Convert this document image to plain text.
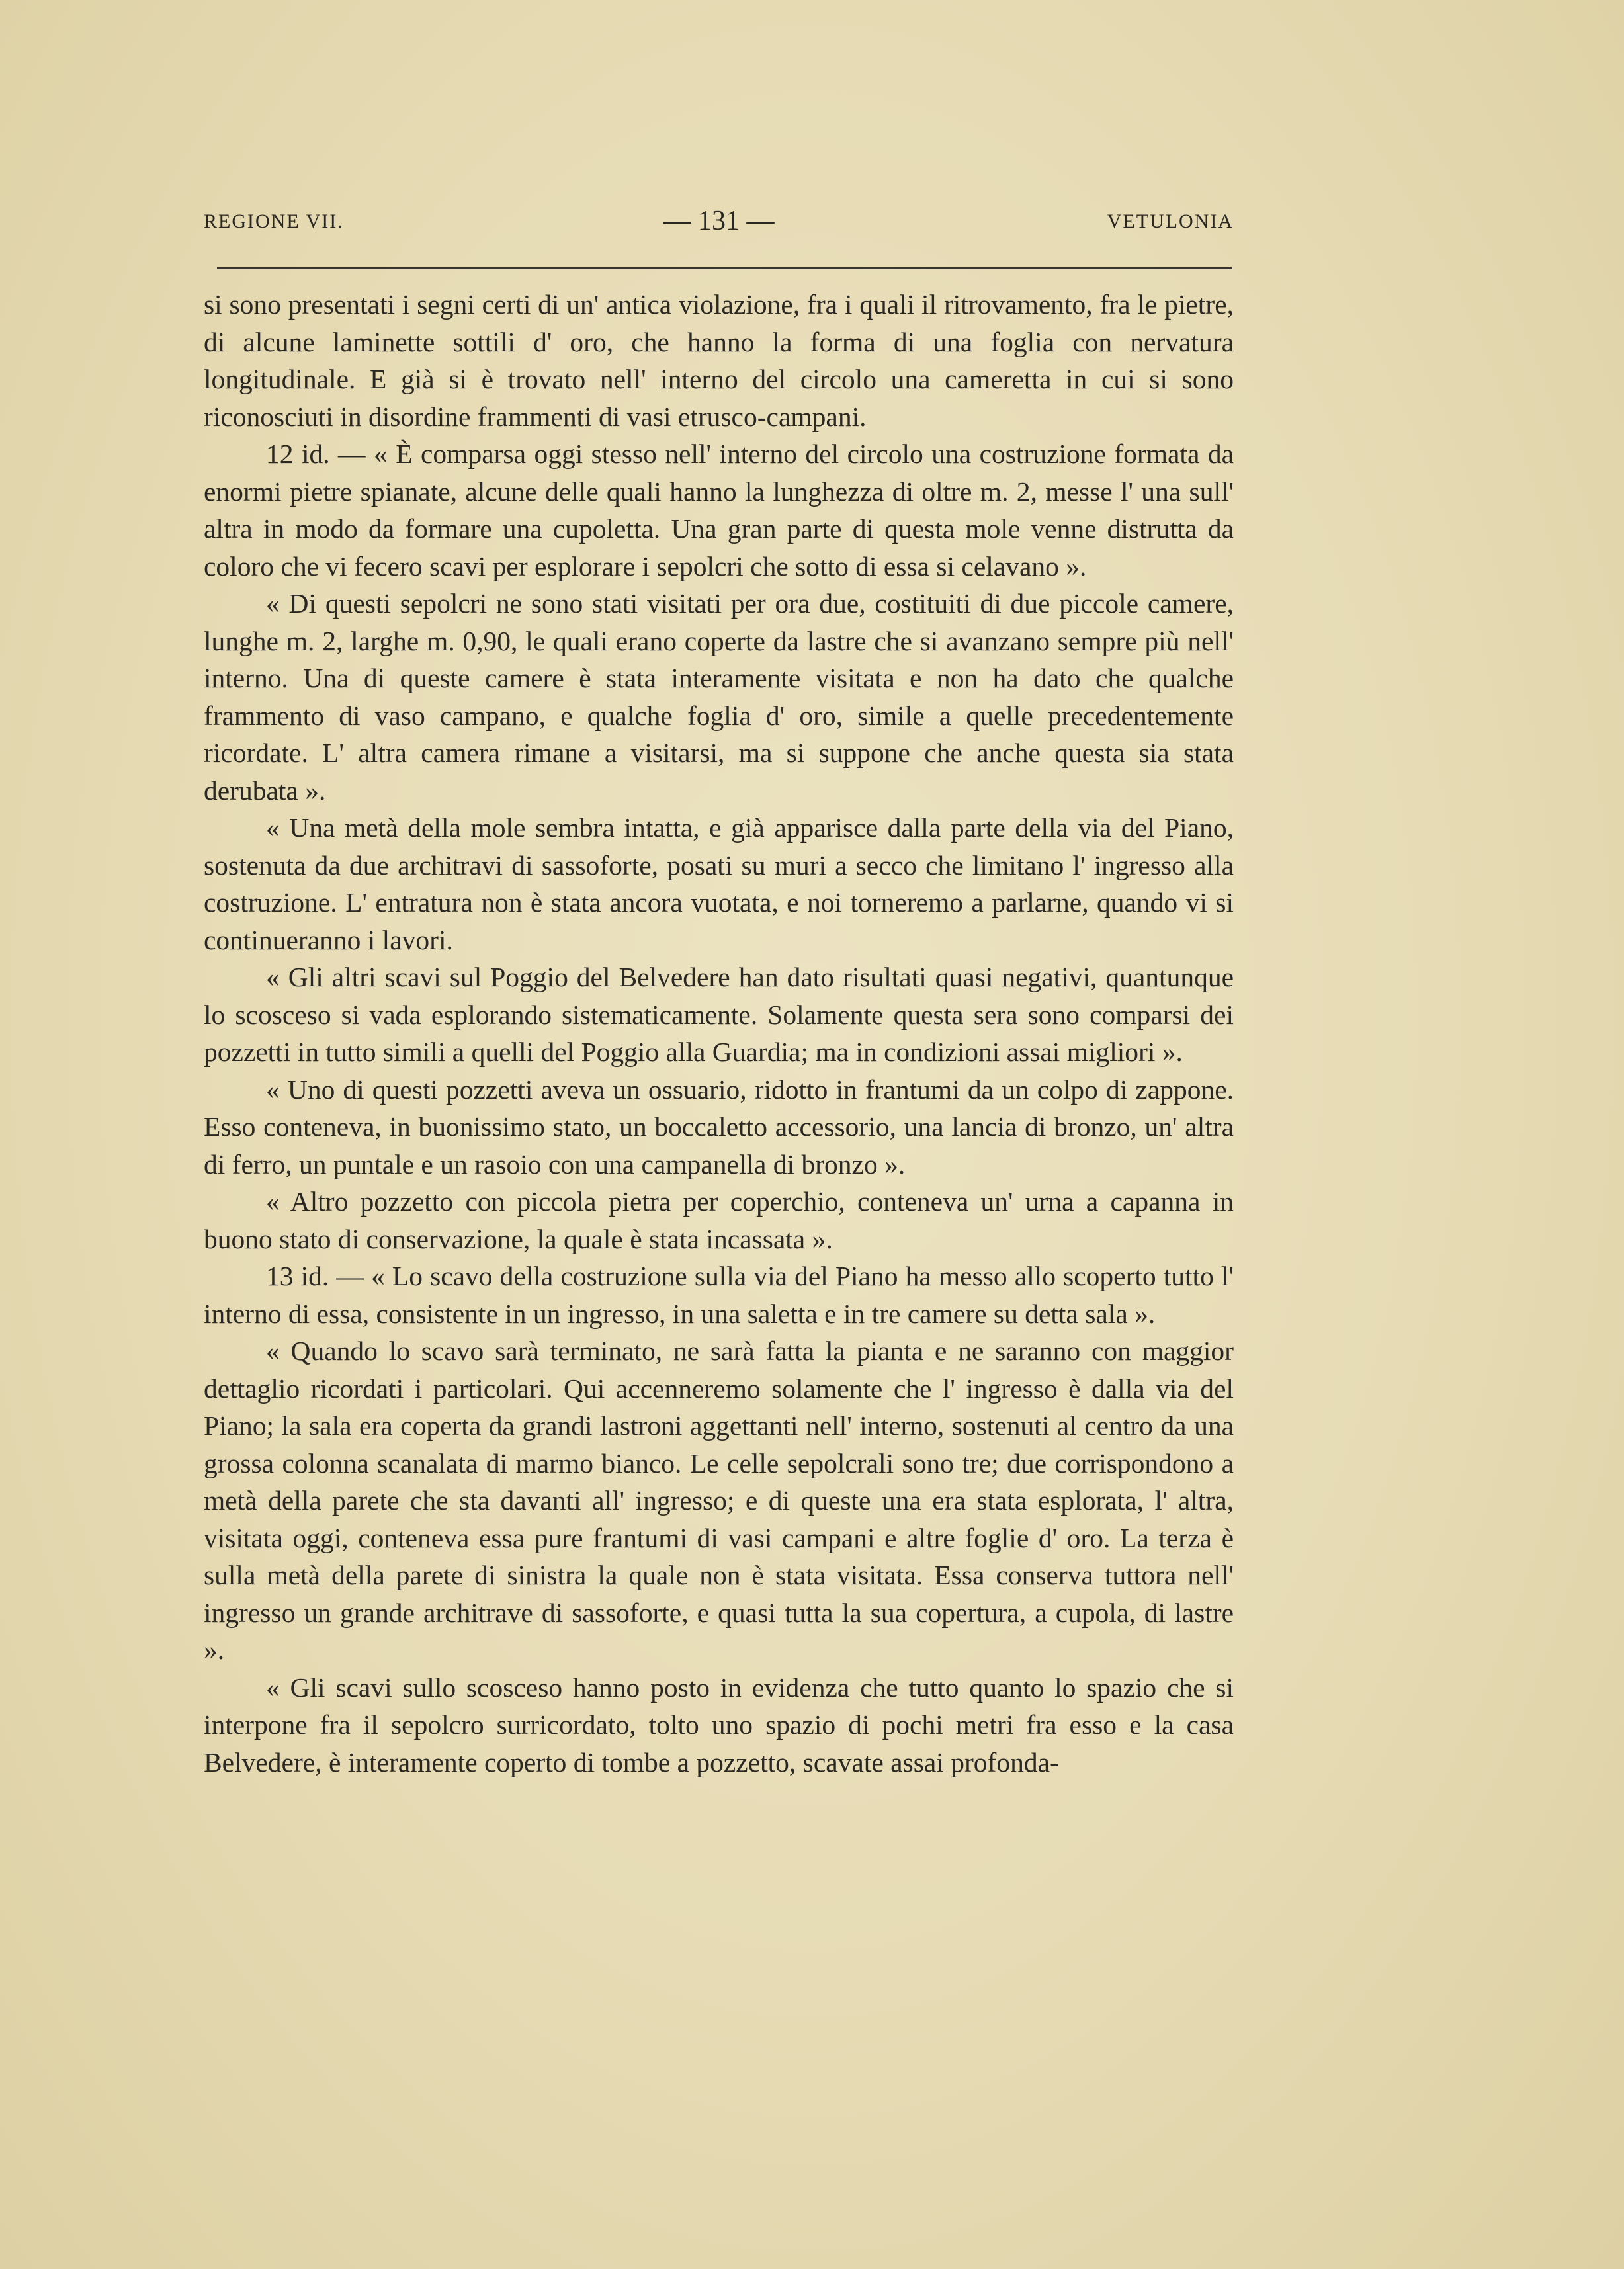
REGIONE VII.	— 131 —	VETULONIA

si sono presentati i segni certi di un' antica violazione, fra i quali il ritrovamento, fra le pietre, di alcune laminette sottili d' oro, che hanno la forma di una foglia con nervatura longitudinale. E già si è trovato nell' interno del circolo una cameretta in cui si sono riconosciuti in disordine frammenti di vasi etrusco-campani.

12 id. — « È comparsa oggi stesso nell' interno del circolo una costruzione formata da enormi pietre spianate, alcune delle quali hanno la lunghezza di oltre m. 2, messe l' una sull' altra in modo da formare una cupoletta. Una gran parte di questa mole venne distrutta da coloro che vi fecero scavi per esplorare i sepolcri che sotto di essa si celavano ».

« Di questi sepolcri ne sono stati visitati per ora due, costituiti di due piccole camere, lunghe m. 2, larghe m. 0,90, le quali erano coperte da lastre che si avanzano sempre più nell' interno. Una di queste camere è stata interamente visitata e non ha dato che qualche frammento di vaso campano, e qualche foglia d' oro, simile a quelle precedentemente ricordate. L' altra camera rimane a visitarsi, ma si suppone che anche questa sia stata derubata ».

« Una metà della mole sembra intatta, e già apparisce dalla parte della via del Piano, sostenuta da due architravi di sassoforte, posati su muri a secco che limitano l' ingresso alla costruzione. L' entratura non è stata ancora vuotata, e noi torneremo a parlarne, quando vi si continueranno i lavori.

« Gli altri scavi sul Poggio del Belvedere han dato risultati quasi negativi, quantunque lo scosceso si vada esplorando sistematicamente. Solamente questa sera sono comparsi dei pozzetti in tutto simili a quelli del Poggio alla Guardia; ma in condizioni assai migliori ».

« Uno di questi pozzetti aveva un ossuario, ridotto in frantumi da un colpo di zappone. Esso conteneva, in buonissimo stato, un boccaletto accessorio, una lancia di bronzo, un' altra di ferro, un puntale e un rasoio con una campanella di bronzo ».

« Altro pozzetto con piccola pietra per coperchio, conteneva un' urna a capanna in buono stato di conservazione, la quale è stata incassata ».

13 id. — « Lo scavo della costruzione sulla via del Piano ha messo allo scoperto tutto l' interno di essa, consistente in un ingresso, in una saletta e in tre camere su detta sala ».

« Quando lo scavo sarà terminato, ne sarà fatta la pianta e ne saranno con maggior dettaglio ricordati i particolari. Qui accenneremo solamente che l' ingresso è dalla via del Piano; la sala era coperta da grandi lastroni aggettanti nell' interno, sostenuti al centro da una grossa colonna scanalata di marmo bianco. Le celle sepolcrali sono tre; due corrispondono a metà della parete che sta davanti all' ingresso; e di queste una era stata esplorata, l' altra, visitata oggi, conteneva essa pure frantumi di vasi campani e altre foglie d' oro. La terza è sulla metà della parete di sinistra la quale non è stata visitata. Essa conserva tuttora nell' ingresso un grande architrave di sassoforte, e quasi tutta la sua copertura, a cupola, di lastre ».

« Gli scavi sullo scosceso hanno posto in evidenza che tutto quanto lo spazio che si interpone fra il sepolcro surricordato, tolto uno spazio di pochi metri fra esso e la casa Belvedere, è interamente coperto di tombe a pozzetto, scavate assai profonda-
